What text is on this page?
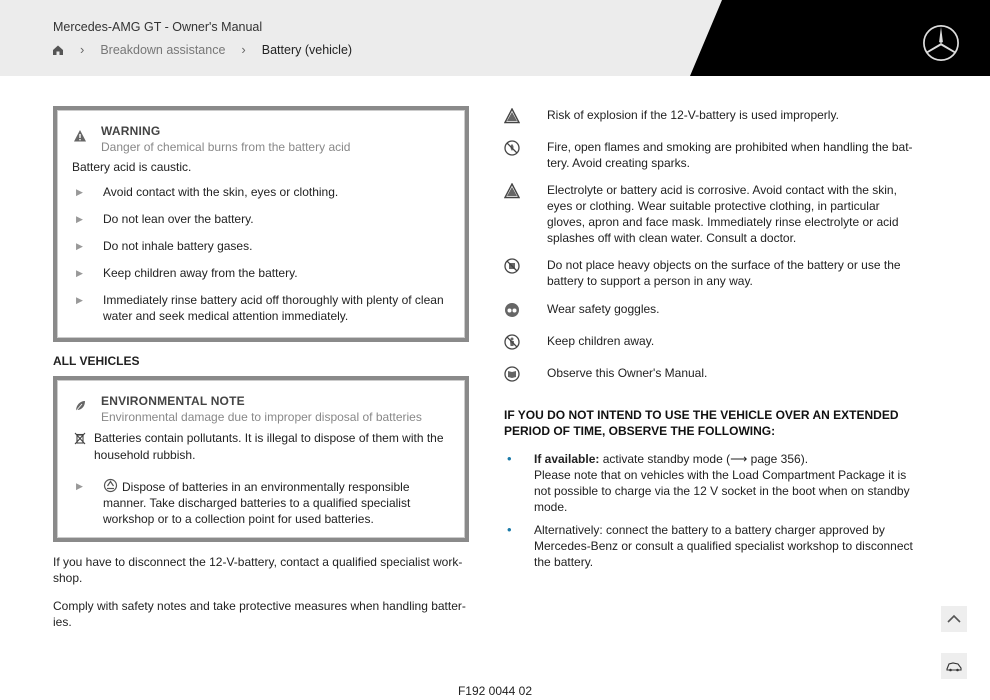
Mercedes-AMG GT - Owner's Manual
› Breakdown assistance › Battery (vehicle)
WARNING
Danger of chemical burns from the battery acid
Battery acid is caustic.
▶ Avoid contact with the skin, eyes or clothing.
▶ Do not lean over the battery.
▶ Do not inhale battery gases.
▶ Keep children away from the battery.
▶ Immediately rinse battery acid off thoroughly with plenty of clean water and seek medical attention immediately.
ALL VEHICLES
ENVIRONMENTAL NOTE
Environmental damage due to improper disposal of batteries
Batteries contain pollutants. It is illegal to dispose of them with the household rubbish.
▶	Dispose of batteries in an environmentally responsible manner. Take discharged batteries to a qualified specialist workshop or to a collection point for used batteries.
If you have to disconnect the 12-V-battery, contact a qualified specialist work-shop.
Comply with safety notes and take protective measures when handling batter-ies.
Risk of explosion if the 12-V-battery is used improperly.
Fire, open flames and smoking are prohibited when handling the bat-tery. Avoid creating sparks.
Electrolyte or battery acid is corrosive. Avoid contact with the skin, eyes or clothing. Wear suitable protective clothing, in particular gloves, apron and face mask. Immediately rinse electrolyte or acid splashes off with clean water. Consult a doctor.
Do not place heavy objects on the surface of the battery or use the battery to support a person in any way.
Wear safety goggles.
Keep children away.
Observe this Owner's Manual.
IF YOU DO NOT INTEND TO USE THE VEHICLE OVER AN EXTENDED PERIOD OF TIME, OBSERVE THE FOLLOWING:
•	If available: activate standby mode (⟶ page 356).
Please note that on vehicles with the Load Compartment Package it is not possible to charge via the 12 V socket in the boot when on standby mode.
•	Alternatively: connect the battery to a battery charger approved by Mercedes-Benz or consult a qualified specialist workshop to disconnect the battery.
F192 0044 02
